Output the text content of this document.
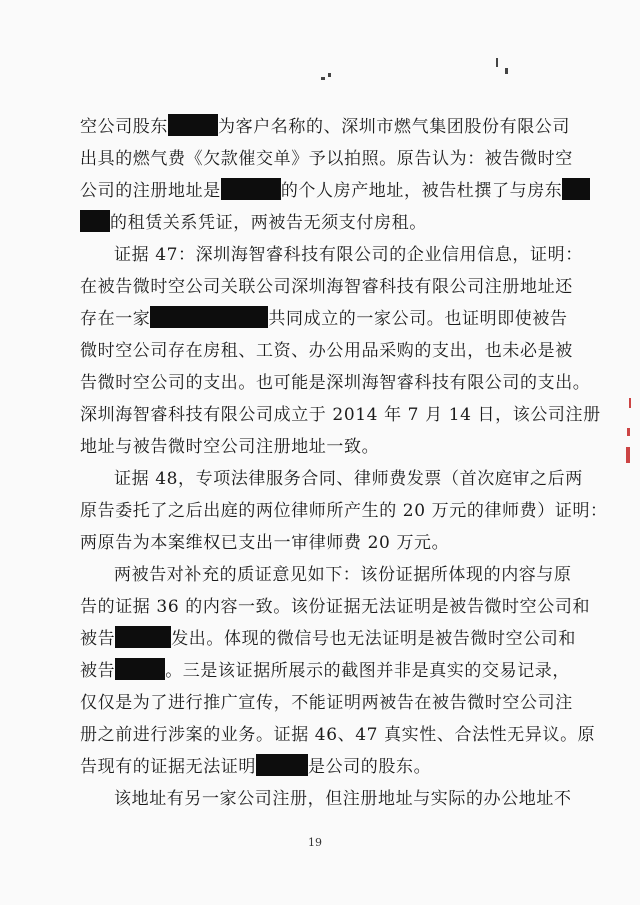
空公司股东	为客户名称的、深圳市燃气集团股份有限公司
出具的燃气费《欠款催交单》予以拍照。原告认为：被告微时空
公司的注册地址是	的个人房产地址，被告杜撰了与房东
的租赁关系凭证，两被告无须支付房租。
证据 47：深圳海智睿科技有限公司的企业信用信息，证明：
在被告微时空公司关联公司深圳海智睿科技有限公司注册地址还
存在一家	共同成立的一家公司。也证明即使被告
微时空公司存在房租、工资、办公用品采购的支出，也未必是被
告微时空公司的支出。也可能是深圳海智睿科技有限公司的支出。
深圳海智睿科技有限公司成立于 2014 年 7 月 14 日，该公司注册
地址与被告微时空公司注册地址一致。
证据 48，专项法律服务合同、律师费发票（首次庭审之后两
原告委托了之后出庭的两位律师所产生的 20 万元的律师费）证明：
两原告为本案维权已支出一审律师费 20 万元。
两被告对补充的质证意见如下：该份证据所体现的内容与原
告的证据 36 的内容一致。该份证据无法证明是被告微时空公司和
被告	发出。体现的微信号也无法证明是被告微时空公司和
被告	。三是该证据所展示的截图并非是真实的交易记录，
仅仅是为了进行推广宣传，不能证明两被告在被告微时空公司注
册之前进行涉案的业务。证据 46、47 真实性、合法性无异议。原
告现有的证据无法证明	是公司的股东。
该地址有另一家公司注册，但注册地址与实际的办公地址不
19
